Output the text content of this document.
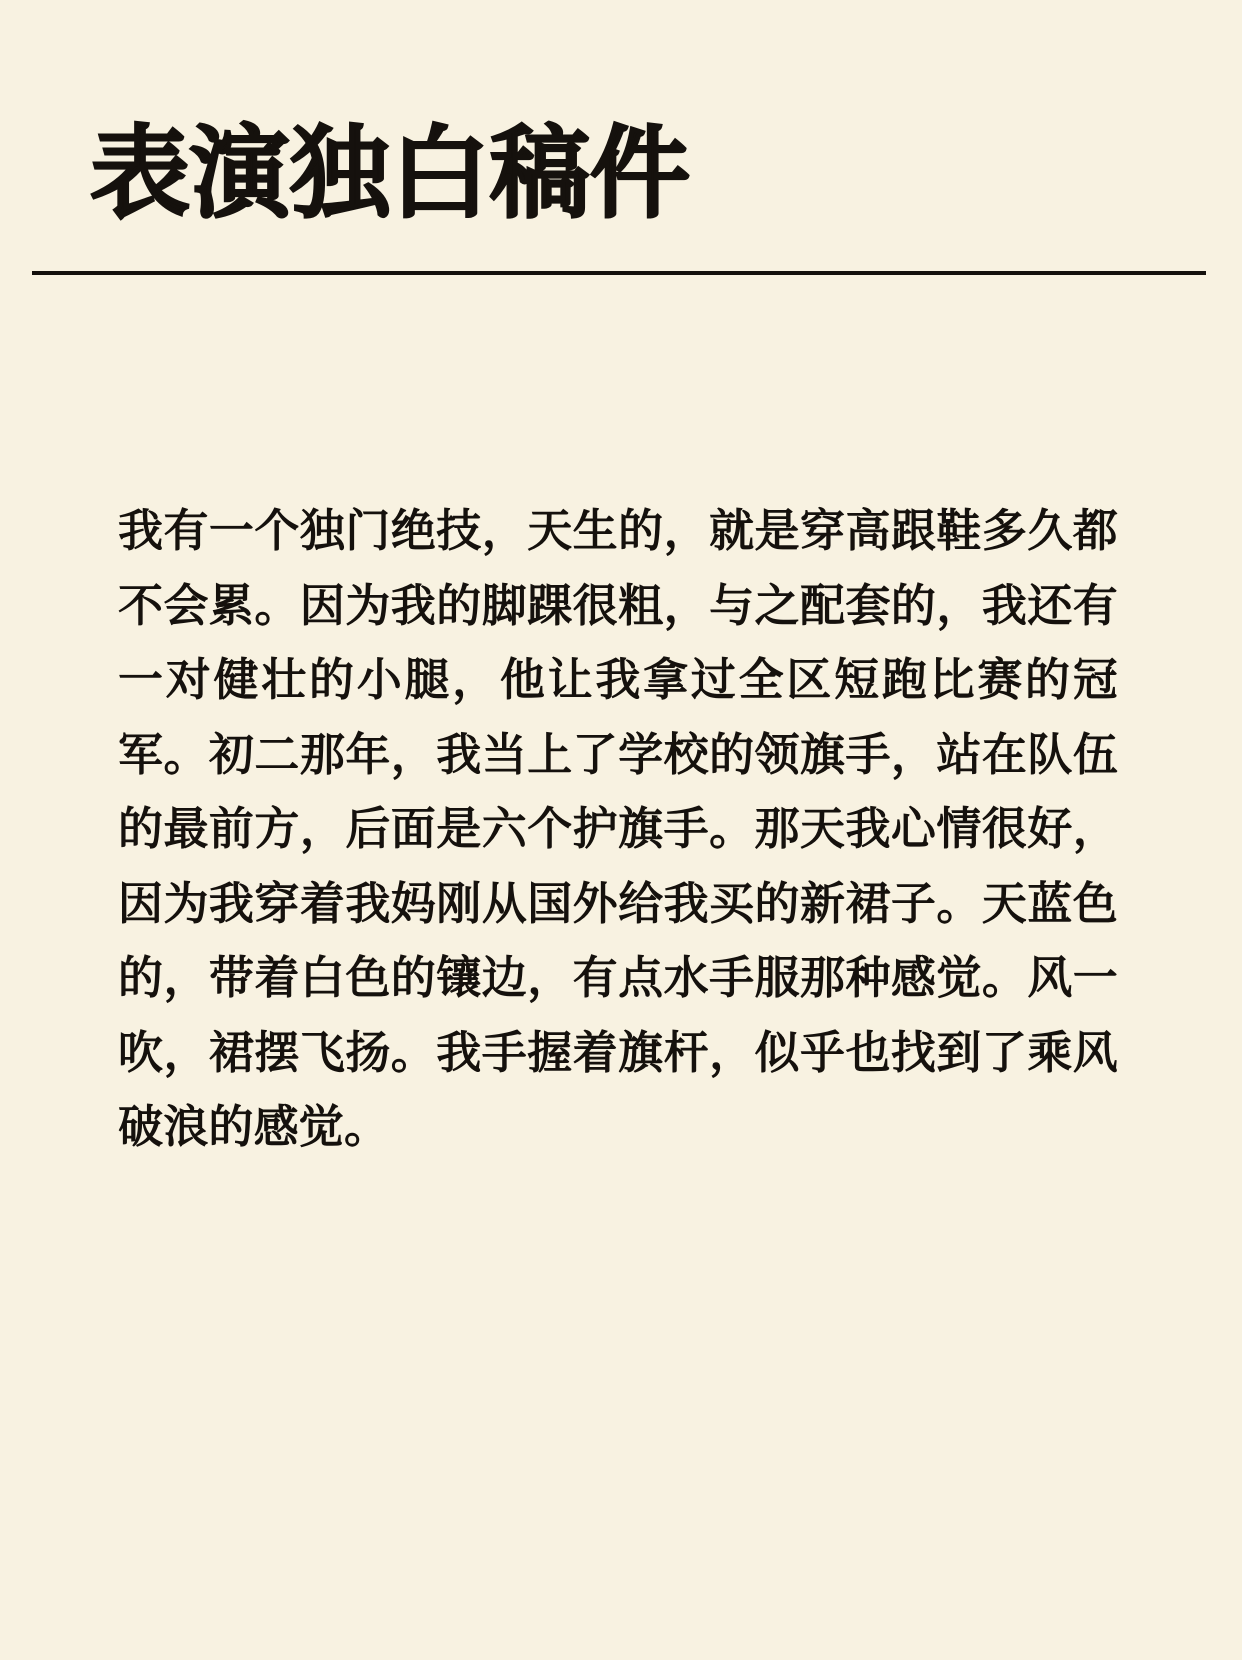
表演独白稿件

我有一个独门绝技，天生的，就是穿高跟鞋多久都不会累。因为我的脚踝很粗，与之配套的，我还有一对健壮的小腿，他让我拿过全区短跑比赛的冠军。初二那年，我当上了学校的领旗手，站在队伍的最前方，后面是六个护旗手。那天我心情很好，因为我穿着我妈刚从国外给我买的新裙子。天蓝色的，带着白色的镶边，有点水手服那种感觉。风一吹，裙摆飞扬。我手握着旗杆，似乎也找到了乘风破浪的感觉。
